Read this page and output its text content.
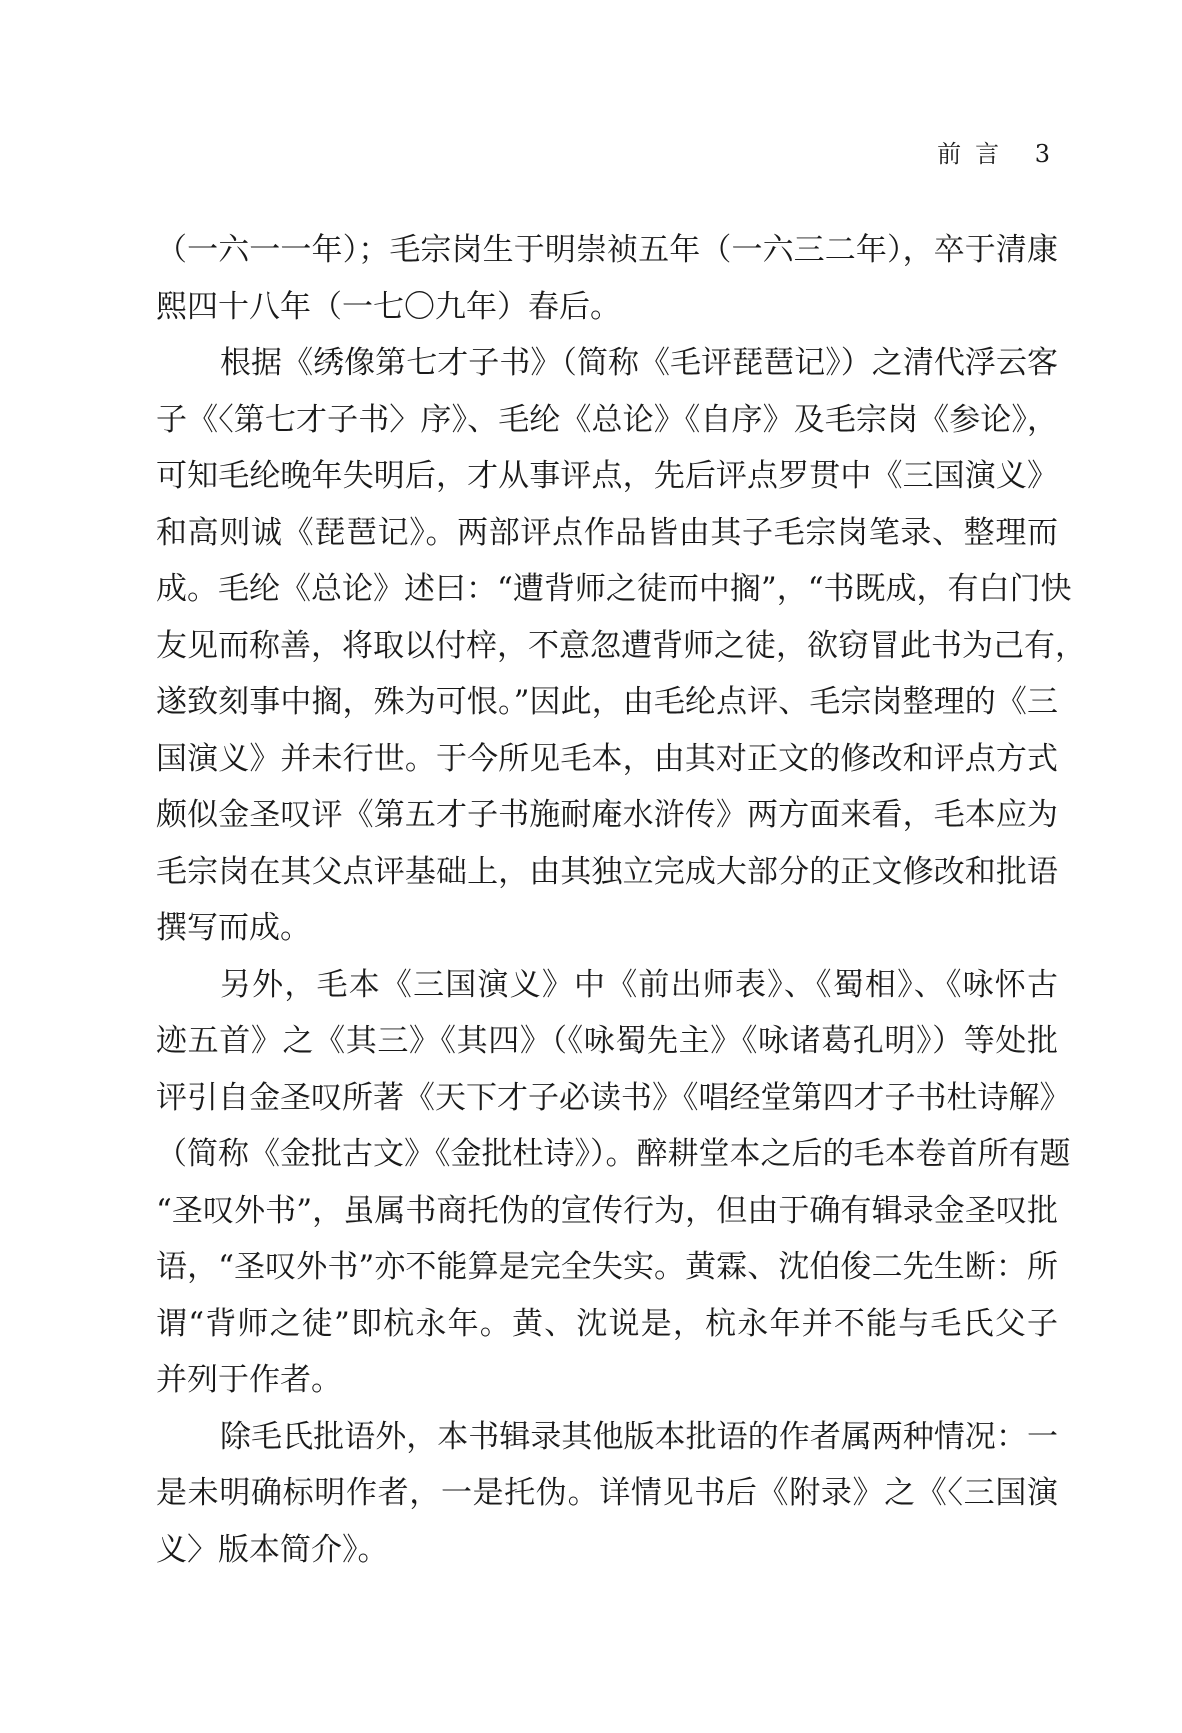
前言 3
（一六一一年）；毛宗岗生于明崇祯五年（一六三二年），卒于清康
熙四十八年（一七〇九年）春后。
根据《绣像第七才子书》（简称《毛评琵琶记》）之清代浮云客
子《〈第七才子书〉序》、毛纶《总论》《自序》及毛宗岗《参论》，
可知毛纶晚年失明后，才从事评点，先后评点罗贯中《三国演义》
和高则诚《琵琶记》。两部评点作品皆由其子毛宗岗笔录、整理而
成。毛纶《总论》述曰：“遭背师之徒而中搁”，“书既成，有白门快
友见而称善，将取以付梓，不意忽遭背师之徒，欲窃冒此书为己有，
遂致刻事中搁，殊为可恨。”因此，由毛纶点评、毛宗岗整理的《三
国演义》并未行世。于今所见毛本，由其对正文的修改和评点方式
颇似金圣叹评《第五才子书施耐庵水浒传》两方面来看，毛本应为
毛宗岗在其父点评基础上，由其独立完成大部分的正文修改和批语
撰写而成。
另外，毛本《三国演义》中《前出师表》、《蜀相》、《咏怀古
迹五首》之《其三》《其四》（《咏蜀先主》《咏诸葛孔明》）等处批
评引自金圣叹所著《天下才子必读书》《唱经堂第四才子书杜诗解》
（简称《金批古文》《金批杜诗》）。醉耕堂本之后的毛本卷首所有题
“圣叹外书”，虽属书商托伪的宣传行为，但由于确有辑录金圣叹批
语，“圣叹外书”亦不能算是完全失实。黄霖、沈伯俊二先生断：所
谓“背师之徒”即杭永年。黄、沈说是，杭永年并不能与毛氏父子
并列于作者。
除毛氏批语外，本书辑录其他版本批语的作者属两种情况：一
是未明确标明作者，一是托伪。详情见书后《附录》之《〈三国演
义〉版本简介》。
